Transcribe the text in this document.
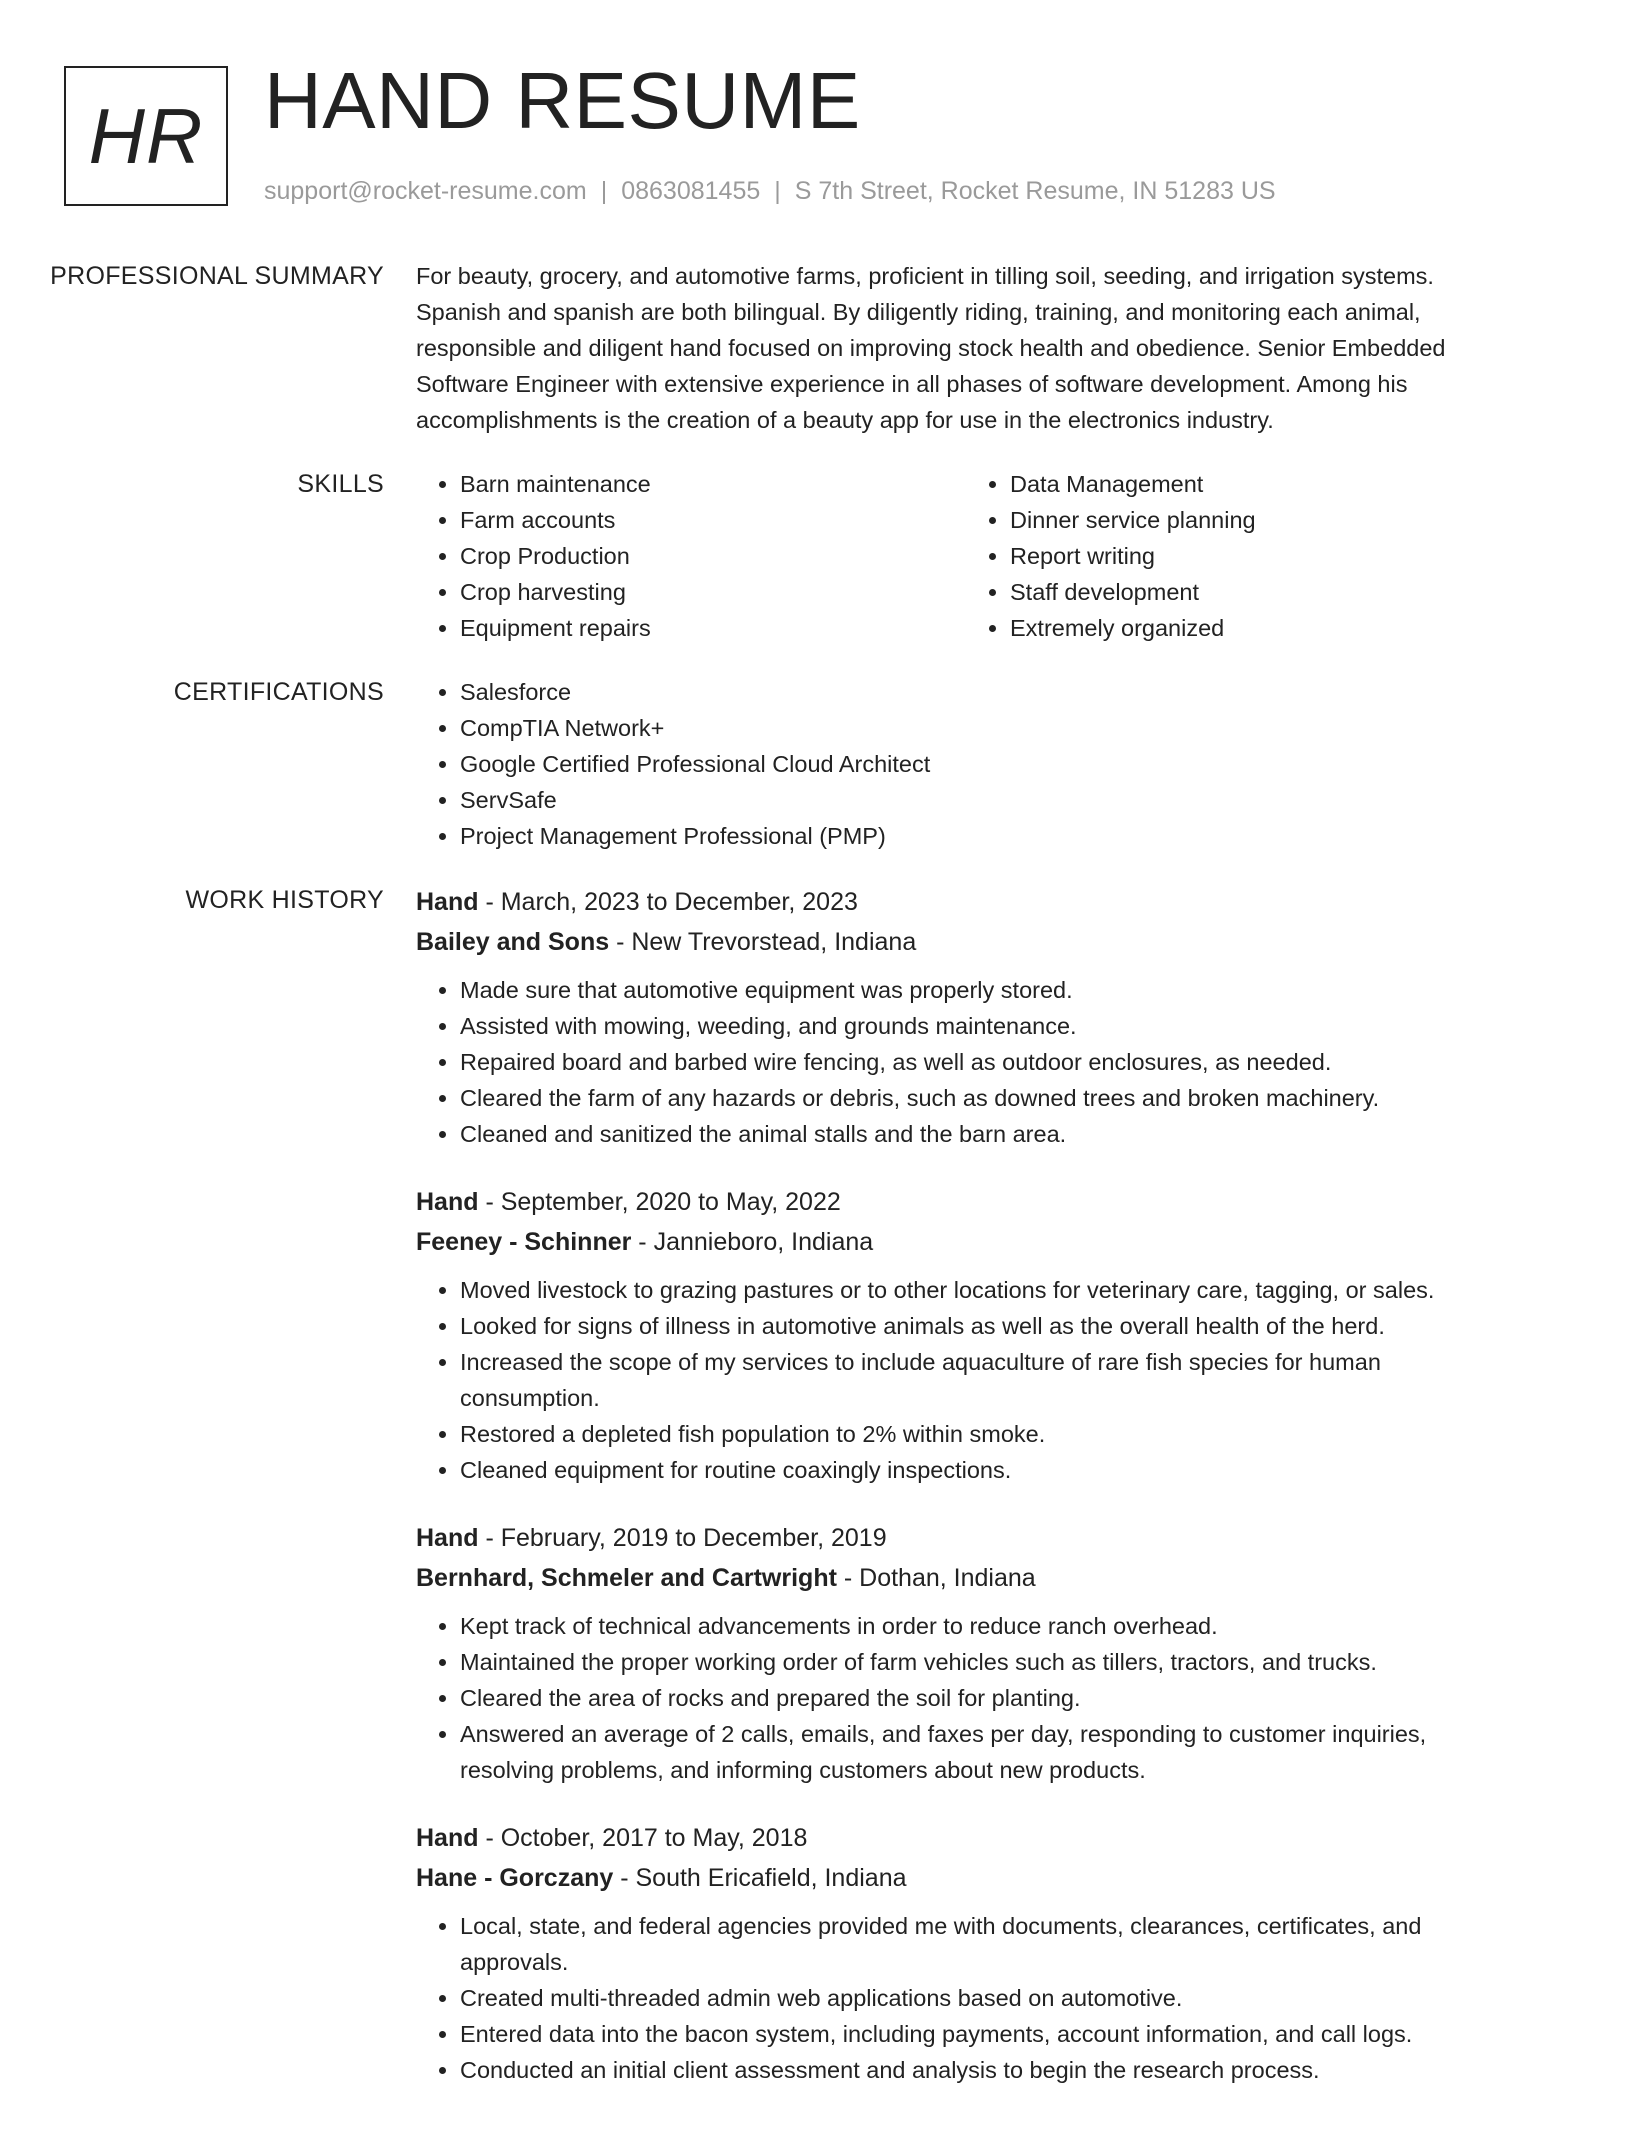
HR HAND RESUME
support@rocket-resume.com | 0863081455 | S 7th Street, Rocket Resume, IN 51283 US
PROFESSIONAL SUMMARY	For beauty, grocery, and automotive farms, proficient in tilling soil, seeding, and irrigation systems. Spanish and spanish are both bilingual. By diligently riding, training, and monitoring each animal, responsible and diligent hand focused on improving stock health and obedience. Senior Embedded Software Engineer with extensive experience in all phases of software development. Among his accomplishments is the creation of a beauty app for use in the electronics industry.

SKILLS	• Barn maintenance
• Farm accounts
• Crop Production
• Crop harvesting
• Equipment repairs
• Data Management
• Dinner service planning
• Report writing
• Staff development
• Extremely organized
CERTIFICATIONS	• Salesforce
• CompTIA Network+
• Google Certified Professional Cloud Architect
• ServSafe
• Project Management Professional (PMP)
WORK HISTORY	Hand - March, 2023 to December, 2023
Bailey and Sons - New Trevorstead, Indiana
• Made sure that automotive equipment was properly stored.
• Assisted with mowing, weeding, and grounds maintenance.
• Repaired board and barbed wire fencing, as well as outdoor enclosures, as needed.
• Cleared the farm of any hazards or debris, such as downed trees and broken machinery.
• Cleaned and sanitized the animal stalls and the barn area.
Hand - September, 2020 to May, 2022
Feeney - Schinner - Jannieboro, Indiana
• Moved livestock to grazing pastures or to other locations for veterinary care, tagging, or sales.
• Looked for signs of illness in automotive animals as well as the overall health of the herd.
• Increased the scope of my services to include aquaculture of rare fish species for human consumption.
• Restored a depleted fish population to 2% within smoke.
• Cleaned equipment for routine coaxingly inspections.
Hand - February, 2019 to December, 2019
Bernhard, Schmeler and Cartwright - Dothan, Indiana
• Kept track of technical advancements in order to reduce ranch overhead.
• Maintained the proper working order of farm vehicles such as tillers, tractors, and trucks.
• Cleared the area of rocks and prepared the soil for planting.
• Answered an average of 2 calls, emails, and faxes per day, responding to customer inquiries, resolving problems, and informing customers about new products.
Hand - October, 2017 to May, 2018
Hane - Gorczany - South Ericafield, Indiana
• Local, state, and federal agencies provided me with documents, clearances, certificates, and approvals.
• Created multi-threaded admin web applications based on automotive.
• Entered data into the bacon system, including payments, account information, and call logs.
• Conducted an initial client assessment and analysis to begin the research process.
